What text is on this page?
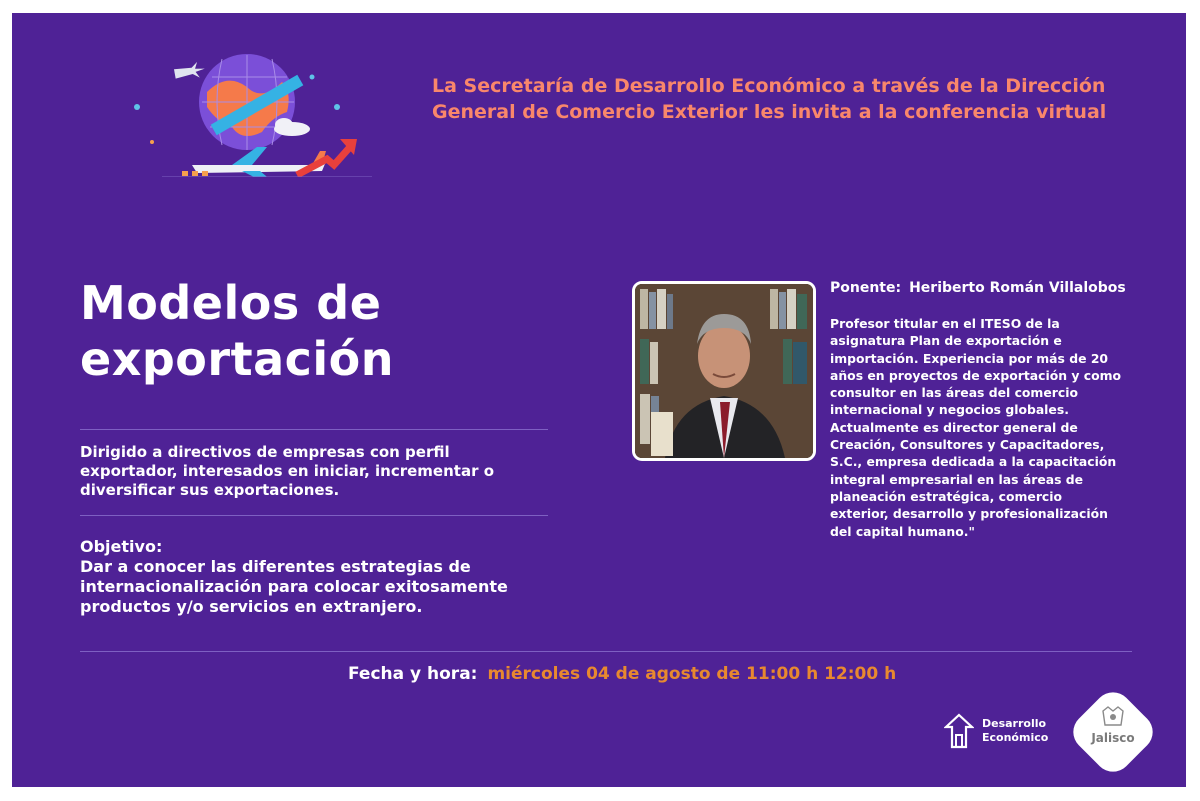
La Secretaría de Desarrollo Económico a través de la Dirección
General de Comercio Exterior les invita a la conferencia virtual
Modelos de
exportación
Dirigido a directivos de empresas con perfil
exportador, interesados en iniciar, incrementar o
diversificar sus exportaciones.
Objetivo:
Dar a conocer las diferentes estrategias de
internacionalización para colocar exitosamente
productos y/o servicios en extranjero.
Ponente: Heriberto Román Villalobos
Profesor titular en el ITESO de la
asignatura Plan de exportación e
importación. Experiencia por más de 20
años en proyectos de exportación y como
consultor en las áreas del comercio
internacional y negocios globales.
Actualmente es director general de
Creación, Consultores y Capacitadores,
S.C., empresa dedicada a la capacitación
integral empresarial en las áreas de
planeación estratégica, comercio
exterior, desarrollo y profesionalización
del capital humano."
Fecha y hora: miércoles 04 de agosto de 11:00 h 12:00 h
Desarrollo
Económico	Jalisco
